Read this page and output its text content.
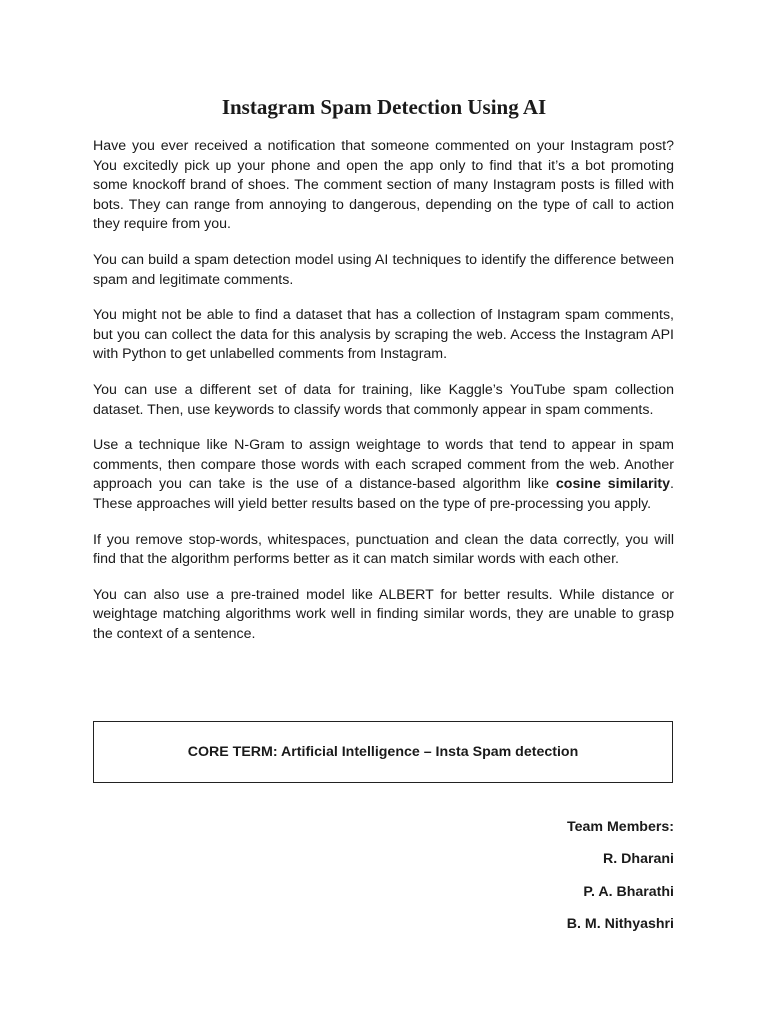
Instagram Spam Detection Using AI

Have you ever received a notification that someone commented on your Instagram post? You excitedly pick up your phone and open the app only to find that it’s a bot promoting some knockoff brand of shoes. The comment section of many Instagram posts is filled with bots. They can range from annoying to dangerous, depending on the type of call to action they require from you.

You can build a spam detection model using AI techniques to identify the difference between spam and legitimate comments.

You might not be able to find a dataset that has a collection of Instagram spam comments, but you can collect the data for this analysis by scraping the web. Access the Instagram API with Python to get unlabelled comments from Instagram.

You can use a different set of data for training, like Kaggle’s YouTube spam collection dataset. Then, use keywords to classify words that commonly appear in spam comments.

Use a technique like N-Gram to assign weightage to words that tend to appear in spam comments, then compare those words with each scraped comment from the web. Another approach you can take is the use of a distance-based algorithm like cosine similarity. These approaches will yield better results based on the type of pre-processing you apply.

If you remove stop-words, whitespaces, punctuation and clean the data correctly, you will find that the algorithm performs better as it can match similar words with each other.

You can also use a pre-trained model like ALBERT for better results. While distance or weightage matching algorithms work well in finding similar words, they are unable to grasp the context of a sentence.

CORE TERM: Artificial Intelligence – Insta Spam detection
Team Members:
R. Dharani
P. A. Bharathi
B. M. Nithyashri
